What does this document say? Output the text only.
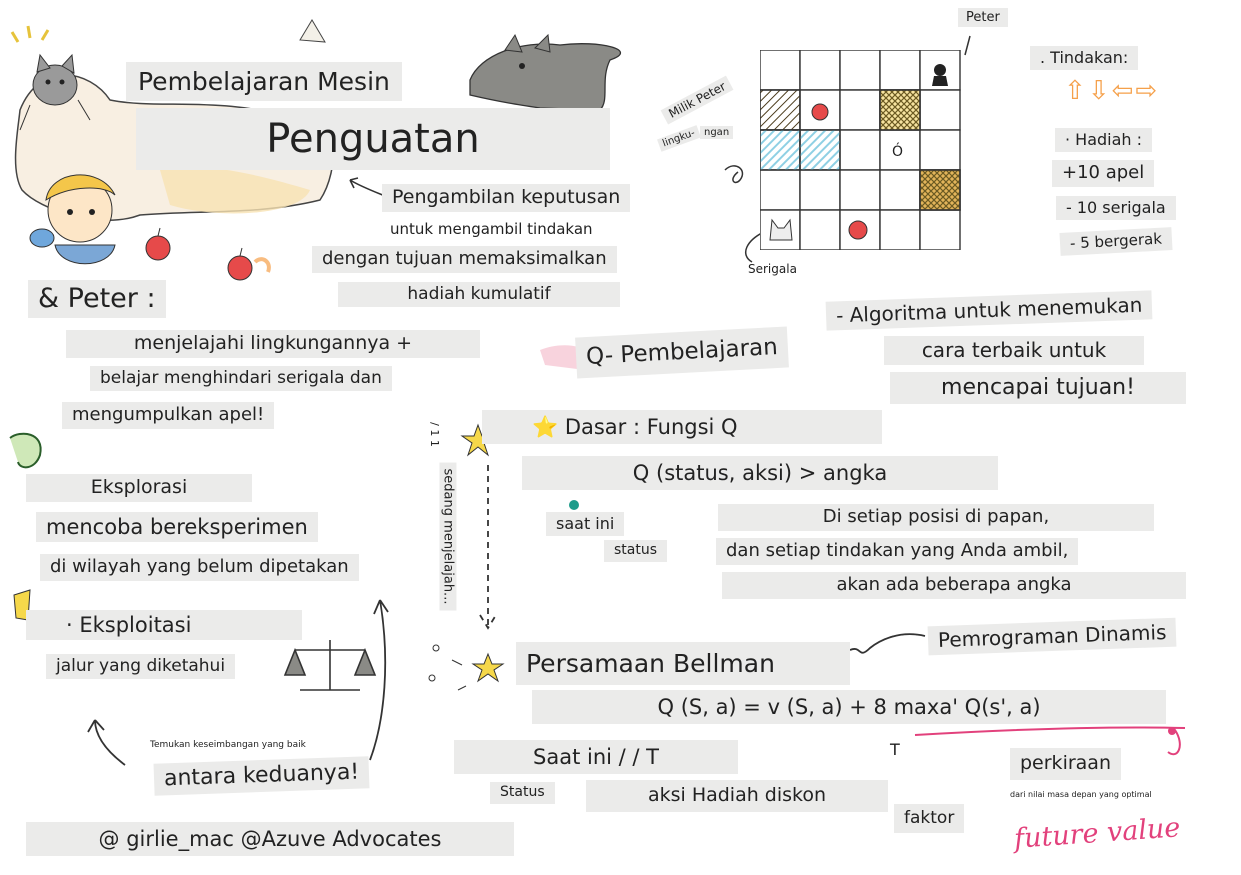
Ó
Peter
Milik Peter
lingku- ngan
Serigala
. Tindakan:
⇧⇩⇦⇨
· Hadiah :
+10 apel
- 10 serigala
- 5 bergerak
Pembelajaran Mesin
Penguatan
Pengambilan keputusan
untuk mengambil tindakan
dengan tujuan memaksimalkan
hadiah kumulatif
& Peter :
menjelajahi lingkungannya +
belajar menghindari serigala dan
mengumpulkan apel!
Q- Pembelajaran
- Algoritma untuk menemukan
cara terbaik untuk
mencapai tujuan!
sedang menjelajah...
/ 1 1	⭐ Dasar : Fungsi Q
Q (status, aksi) > angka
saat ini
status
Di setiap posisi di papan,
dan setiap tindakan yang Anda ambil,
akan ada beberapa angka
Eksplorasi
mencoba bereksperimen
di wilayah yang belum dipetakan
· Eksploitasi
jalur yang diketahui
Temukan keseimbangan yang baik
antara keduanya!
Persamaan Bellman
Pemrograman Dinamis
Q (S, a) = v (S, a) + 8 maxa' Q(s', a)
Saat ini / / T	T
Status	aksi Hadiah diskon
faktor
perkiraan
dari nilai masa depan yang optimal
future value
@ girlie_mac @Azuve Advocates
